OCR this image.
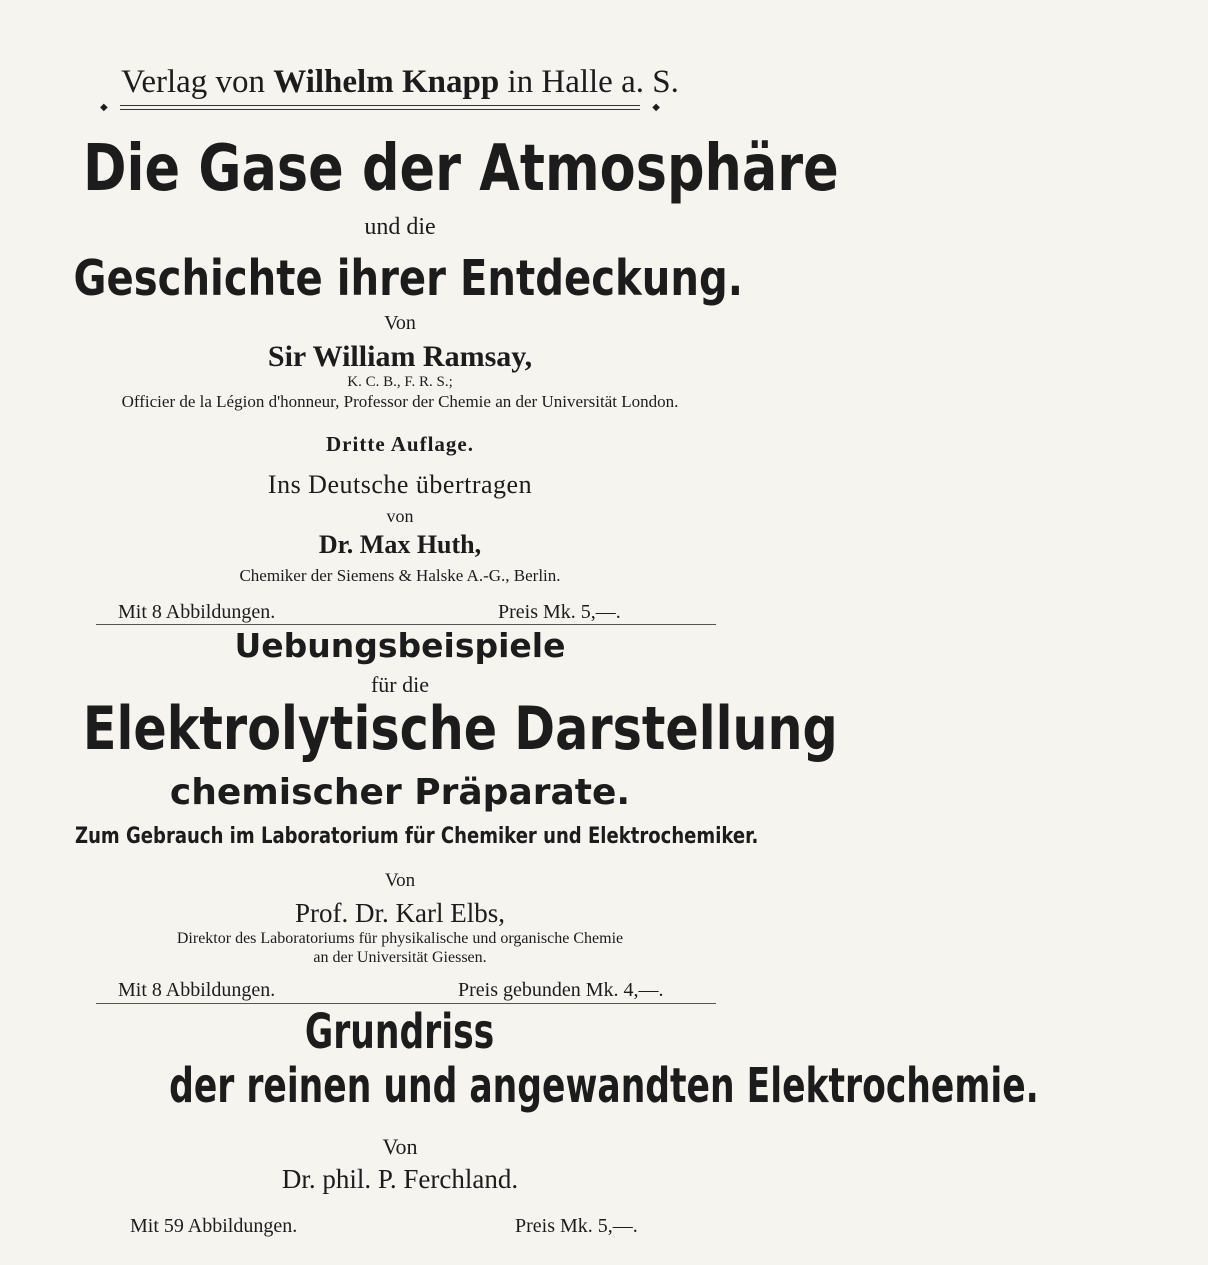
Verlag von Wilhelm Knapp in Halle a. S.
◆	◆
Die Gase der Atmosphäre
und die
Geschichte ihrer Entdeckung.
Von
Sir William Ramsay,
K. C. B., F. R. S.;
Officier de la Légion d'honneur, Professor der Chemie an der Universität London.
Dritte Auflage.
Ins Deutsche übertragen
von
Dr. Max Huth,
Chemiker der Siemens & Halske A.-G., Berlin.
Mit 8 Abbildungen.	Preis Mk. 5,—.
Uebungsbeispiele
für die
Elektrolytische Darstellung
chemischer Präparate.
Zum Gebrauch im Laboratorium für Chemiker und Elektrochemiker.
Von
Prof. Dr. Karl Elbs,
Direktor des Laboratoriums für physikalische und organische Chemie
an der Universität Giessen.
Mit 8 Abbildungen.	Preis gebunden Mk. 4,—.
Grundriss
der reinen und angewandten Elektrochemie.
Von
Dr. phil. P. Ferchland.
Mit 59 Abbildungen.	Preis Mk. 5,—.
